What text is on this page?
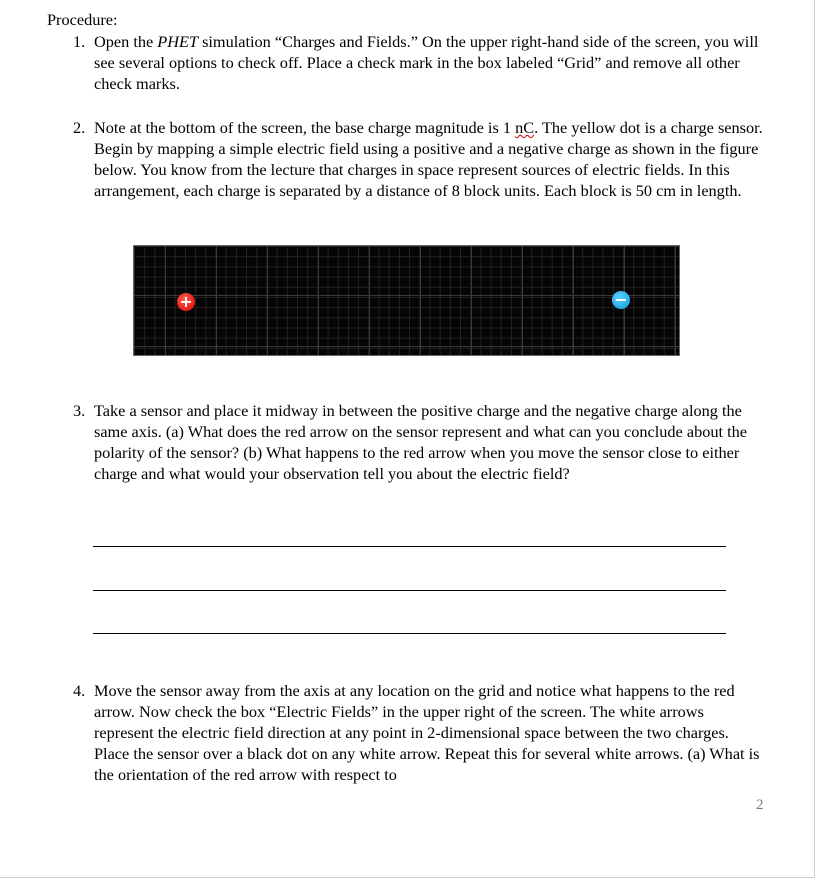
Procedure:
1. Open the PHET simulation “Charges and Fields.” On the upper right-hand side of the screen, you will see several options to check off. Place a check mark in the box labeled “Grid” and remove all other check marks.
2. Note at the bottom of the screen, the base charge magnitude is 1 nC. The yellow dot is a charge sensor. Begin by mapping a simple electric field using a positive and a negative charge as shown in the figure below. You know from the lecture that charges in space represent sources of electric fields. In this arrangement, each charge is separated by a distance of 8 block units. Each block is 50 cm in length.
+	−
3. Take a sensor and place it midway in between the positive charge and the negative charge along the same axis. (a) What does the red arrow on the sensor represent and what can you conclude about the polarity of the sensor? (b) What happens to the red arrow when you move the sensor close to either charge and what would your observation tell you about the electric field?
4. Move the sensor away from the axis at any location on the grid and notice what happens to the red arrow. Now check the box “Electric Fields” in the upper right of the screen. The white arrows represent the electric field direction at any point in 2-dimensional space between the two charges. Place the sensor over a black dot on any white arrow. Repeat this for several white arrows. (a) What is the orientation of the red arrow with respect to
2
